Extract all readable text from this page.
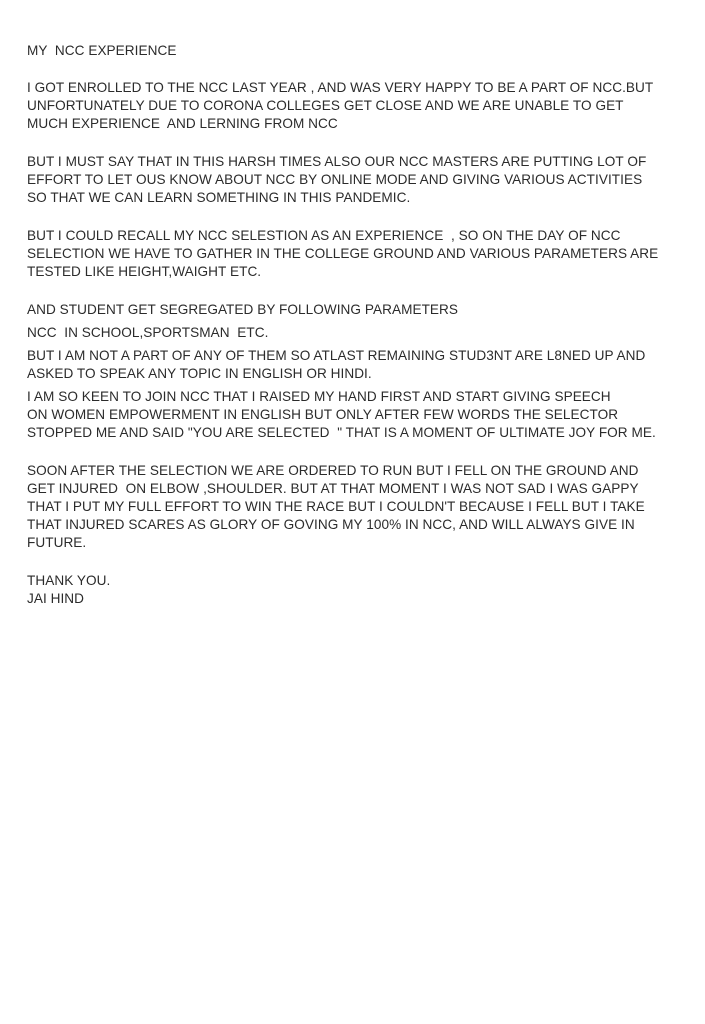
MY  NCC EXPERIENCE
I GOT ENROLLED TO THE NCC LAST YEAR , AND WAS VERY HAPPY TO BE A PART OF NCC.BUT
UNFORTUNATELY DUE TO CORONA COLLEGES GET CLOSE AND WE ARE UNABLE TO GET
MUCH EXPERIENCE  AND LERNING FROM NCC
BUT I MUST SAY THAT IN THIS HARSH TIMES ALSO OUR NCC MASTERS ARE PUTTING LOT OF
EFFORT TO LET OUS KNOW ABOUT NCC BY ONLINE MODE AND GIVING VARIOUS ACTIVITIES
SO THAT WE CAN LEARN SOMETHING IN THIS PANDEMIC.
BUT I COULD RECALL MY NCC SELESTION AS AN EXPERIENCE  , SO ON THE DAY OF NCC
SELECTION WE HAVE TO GATHER IN THE COLLEGE GROUND AND VARIOUS PARAMETERS ARE
TESTED LIKE HEIGHT,WAIGHT ETC.
AND STUDENT GET SEGREGATED BY FOLLOWING PARAMETERS
NCC  IN SCHOOL,SPORTSMAN  ETC.
BUT I AM NOT A PART OF ANY OF THEM SO ATLAST REMAINING STUD3NT ARE L8NED UP AND
ASKED TO SPEAK ANY TOPIC IN ENGLISH OR HINDI.
I AM SO KEEN TO JOIN NCC THAT I RAISED MY HAND FIRST AND START GIVING SPEECH
ON WOMEN EMPOWERMENT IN ENGLISH BUT ONLY AFTER FEW WORDS THE SELECTOR
STOPPED ME AND SAID "YOU ARE SELECTED  " THAT IS A MOMENT OF ULTIMATE JOY FOR ME.
SOON AFTER THE SELECTION WE ARE ORDERED TO RUN BUT I FELL ON THE GROUND AND
GET INJURED  ON ELBOW ,SHOULDER. BUT AT THAT MOMENT I WAS NOT SAD I WAS GAPPY
THAT I PUT MY FULL EFFORT TO WIN THE RACE BUT I COULDN'T BECAUSE I FELL BUT I TAKE
THAT INJURED SCARES AS GLORY OF GOVING MY 100% IN NCC, AND WILL ALWAYS GIVE IN
FUTURE.
THANK YOU.
JAI HIND
